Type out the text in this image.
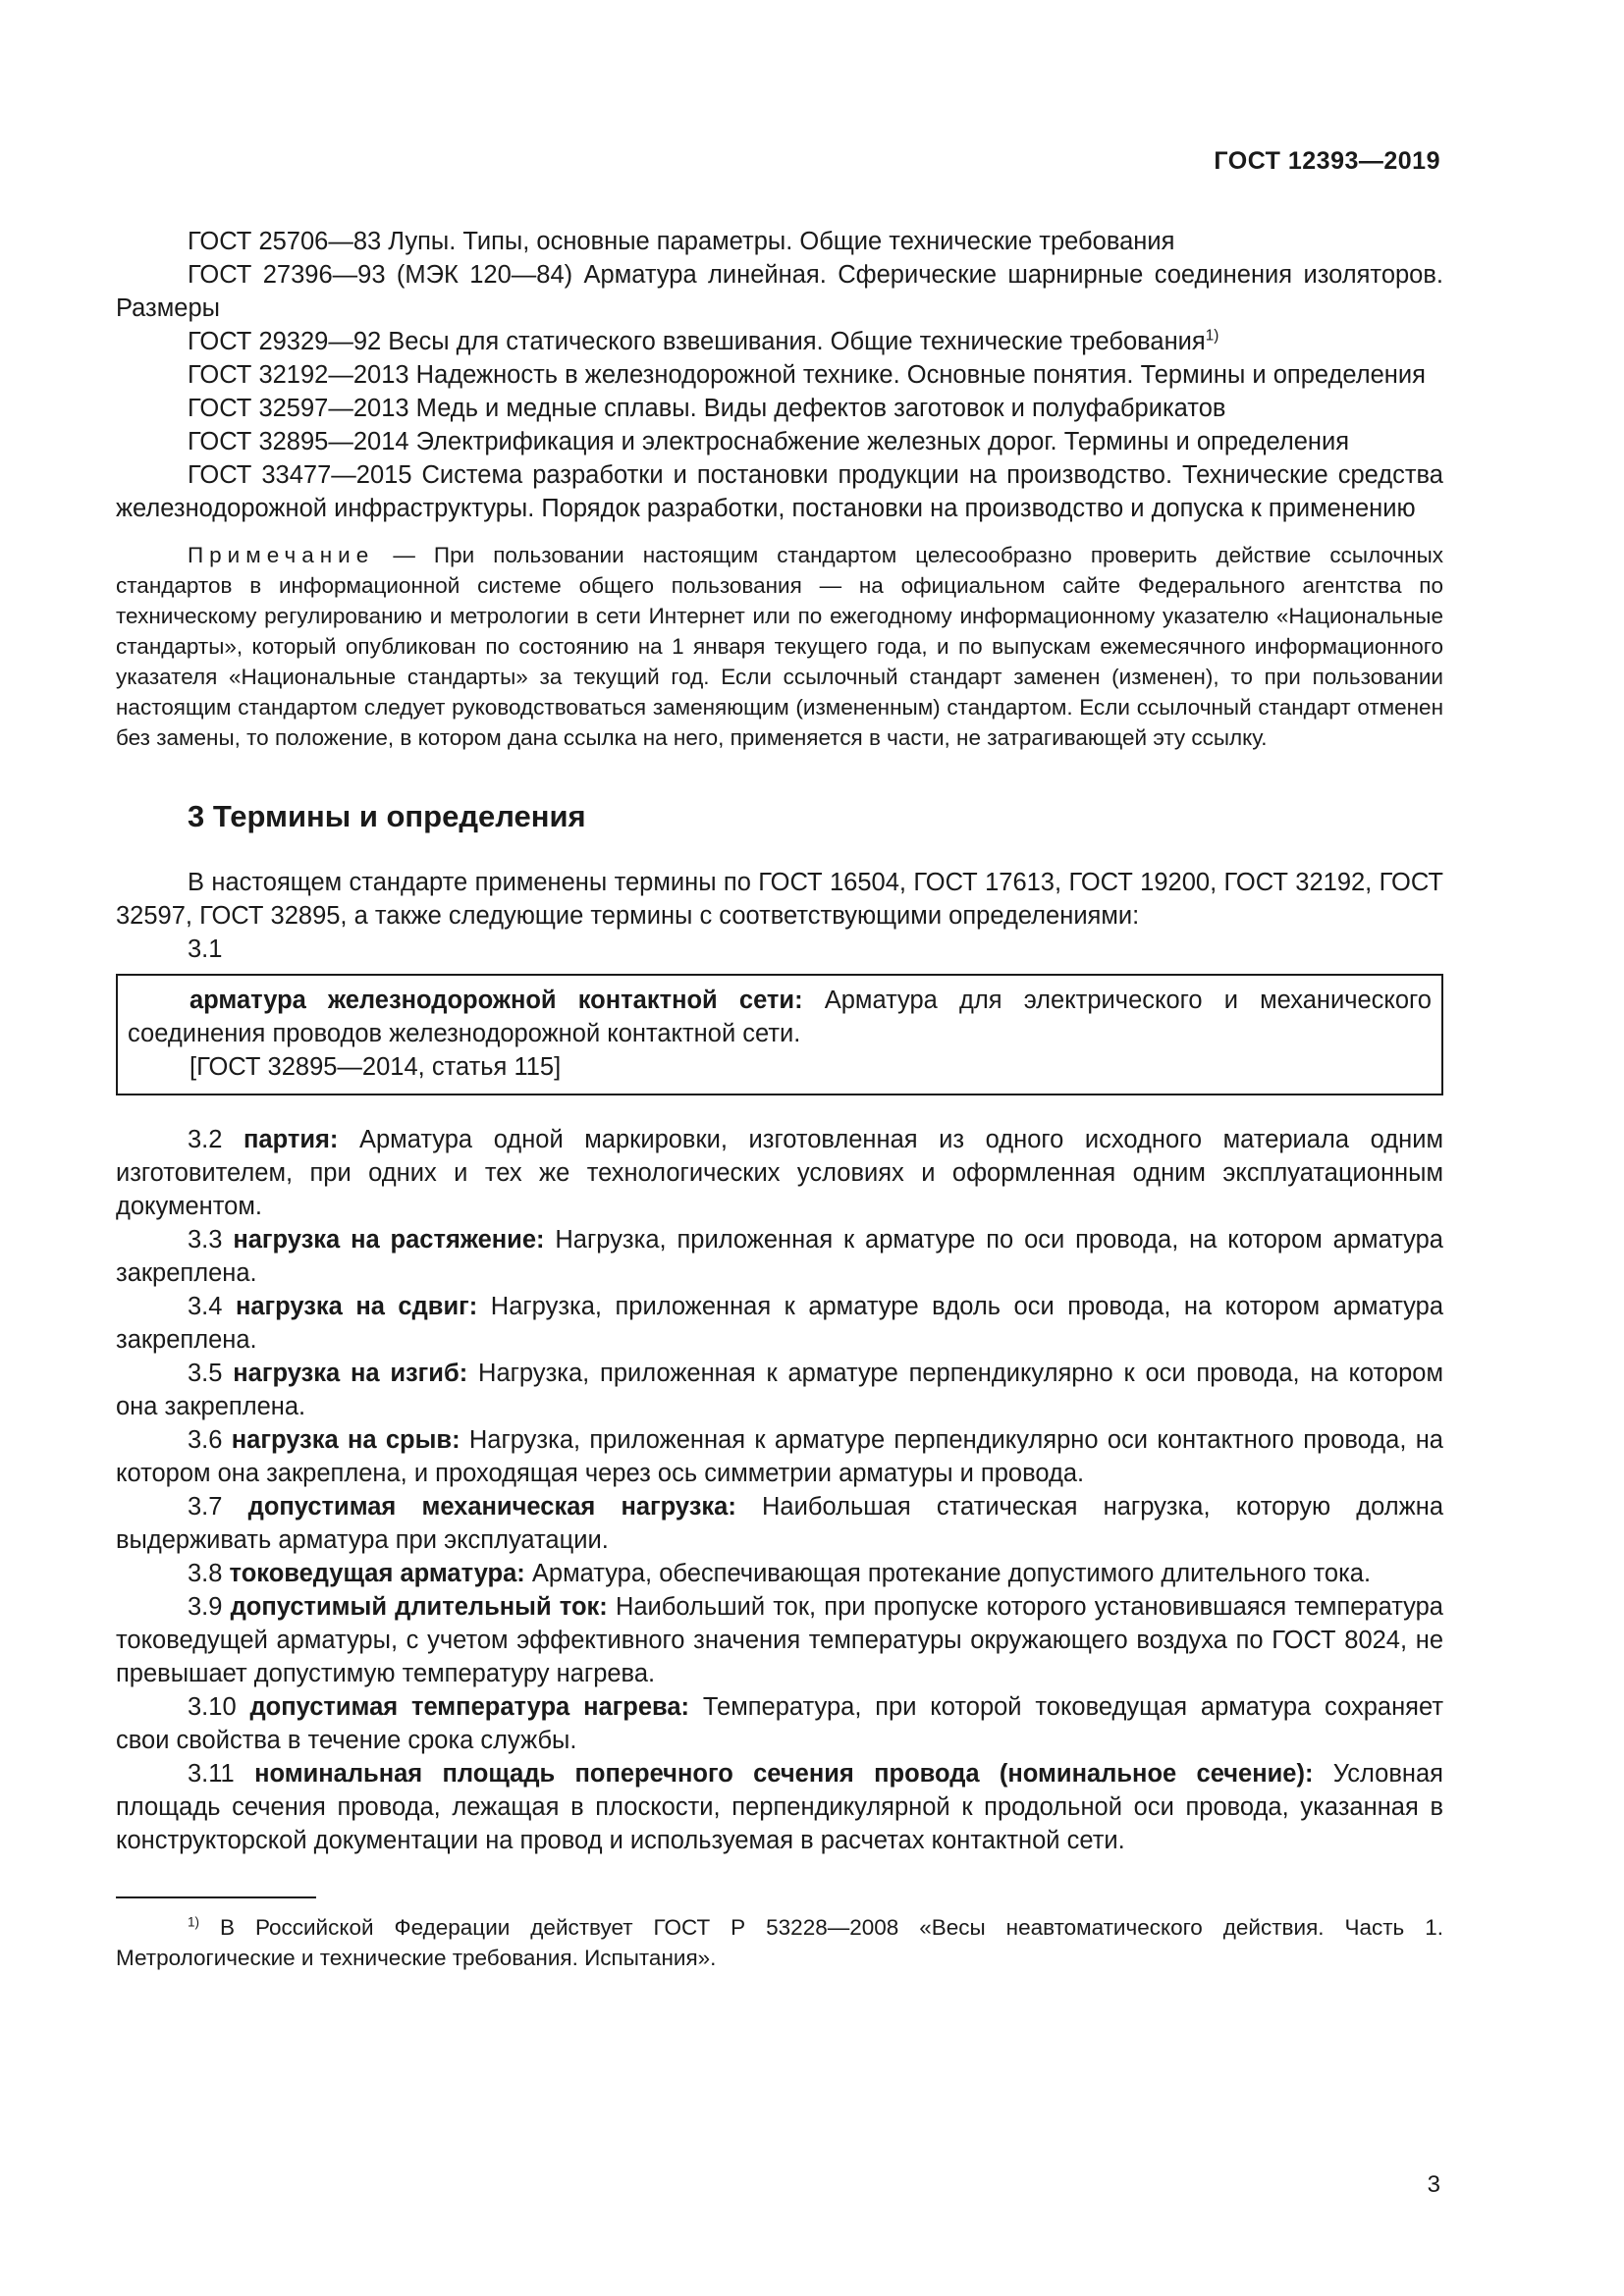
ГОСТ 12393—2019

ГОСТ 25706—83 Лупы. Типы, основные параметры. Общие технические требования

ГОСТ 27396—93 (МЭК 120—84) Арматура линейная. Сферические шарнирные соединения изоляторов. Размеры

ГОСТ 29329—92 Весы для статического взвешивания. Общие технические требования$^{1)}$

ГОСТ 32192—2013 Надежность в железнодорожной технике. Основные понятия. Термины и определения

ГОСТ 32597—2013 Медь и медные сплавы. Виды дефектов заготовок и полуфабрикатов

ГОСТ 32895—2014 Электрификация и электроснабжение железных дорог. Термины и определения

ГОСТ 33477—2015 Система разработки и постановки продукции на производство. Технические средства железнодорожной инфраструктуры. Порядок разработки, постановки на производство и допуска к применению

Примечание — При пользовании настоящим стандартом целесообразно проверить действие ссылочных стандартов в информационной системе общего пользования — на официальном сайте Федерального агентства по техническому регулированию и метрологии в сети Интернет или по ежегодному информационному указателю «Национальные стандарты», который опубликован по состоянию на 1 января текущего года, и по выпускам ежемесячного информационного указателя «Национальные стандарты» за текущий год. Если ссылочный стандарт заменен (изменен), то при пользовании настоящим стандартом следует руководствоваться заменяющим (измененным) стандартом. Если ссылочный стандарт отменен без замены, то положение, в котором дана ссылка на него, применяется в части, не затрагивающей эту ссылку.

3 Термины и определения

В настоящем стандарте применены термины по ГОСТ 16504, ГОСТ 17613, ГОСТ 19200, ГОСТ 32192, ГОСТ 32597, ГОСТ 32895, а также следующие термины с соответствующими определениями:

3.1

арматура железнодорожной контактной сети: Арматура для электрического и механического соединения проводов железнодорожной контактной сети.

[ГОСТ 32895—2014, статья 115]

3.2 партия: Арматура одной маркировки, изготовленная из одного исходного материала одним изготовителем, при одних и тех же технологических условиях и оформленная одним эксплуатационным документом.

3.3 нагрузка на растяжение: Нагрузка, приложенная к арматуре по оси провода, на котором арматура закреплена.

3.4 нагрузка на сдвиг: Нагрузка, приложенная к арматуре вдоль оси провода, на котором арматура закреплена.

3.5 нагрузка на изгиб: Нагрузка, приложенная к арматуре перпендикулярно к оси провода, на котором она закреплена.

3.6 нагрузка на срыв: Нагрузка, приложенная к арматуре перпендикулярно оси контактного провода, на котором она закреплена, и проходящая через ось симметрии арматуры и провода.

3.7 допустимая механическая нагрузка: Наибольшая статическая нагрузка, которую должна выдерживать арматура при эксплуатации.

3.8 токоведущая арматура: Арматура, обеспечивающая протекание допустимого длительного тока.

3.9 допустимый длительный ток: Наибольший ток, при пропуске которого установившаяся температура токоведущей арматуры, с учетом эффективного значения температуры окружающего воздуха по ГОСТ 8024, не превышает допустимую температуру нагрева.

3.10 допустимая температура нагрева: Температура, при которой токоведущая арматура сохраняет свои свойства в течение срока службы.

3.11 номинальная площадь поперечного сечения провода (номинальное сечение): Условная площадь сечения провода, лежащая в плоскости, перпендикулярной к продольной оси провода, указанная в конструкторской документации на провод и используемая в расчетах контактной сети.

$^{1)}$ В Российской Федерации действует ГОСТ Р 53228—2008 «Весы неавтоматического действия. Часть 1. Метрологические и технические требования. Испытания».

3
